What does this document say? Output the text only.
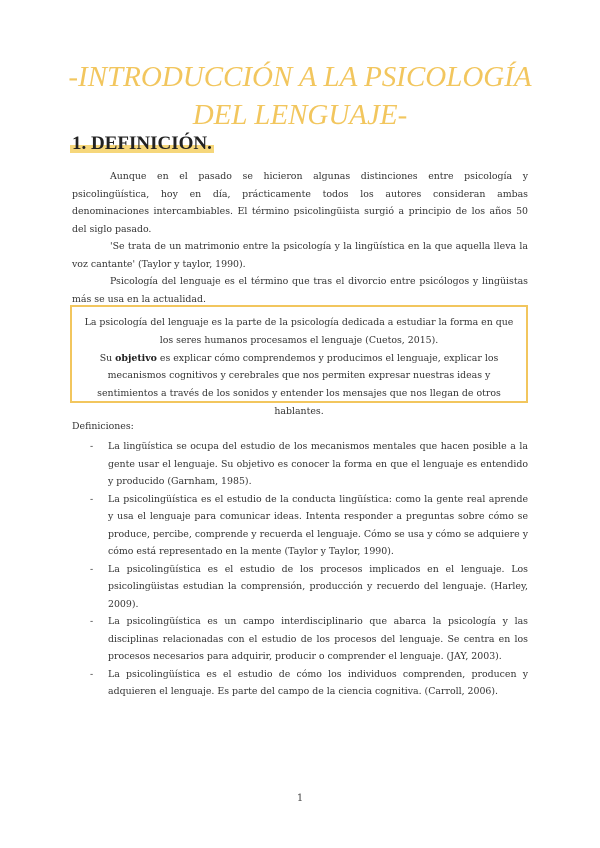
-INTRODUCCIÓN A LA PSICOLOGÍA
DEL LENGUAJE-
1. DEFINICIÓN.

Aunque en el pasado se hicieron algunas distinciones entre psicología y psicolingüística, hoy en día, prácticamente todos los autores consideran ambas denominaciones intercambiables. El término psicolingüista surgió a principio de los años 50 del siglo pasado.

'Se trata de un matrimonio entre la psicología y la lingüística en la que aquella lleva la voz cantante' (Taylor y taylor, 1990).

Psicología del lenguaje es el término que tras el divorcio entre psicólogos y lingüistas más se usa en la actualidad.

La psicología del lenguaje es la parte de la psicología dedicada a estudiar la forma en que los seres humanos procesamos el lenguaje (Cuetos, 2015).

Su objetivo es explicar cómo comprendemos y producimos el lenguaje, explicar los mecanismos cognitivos y cerebrales que nos permiten expresar nuestras ideas y sentimientos a través de los sonidos y entender los mensajes que nos llegan de otros hablantes.

Definiciones:

- La lingüística se ocupa del estudio de los mecanismos mentales que hacen posible a la gente usar el lenguaje. Su objetivo es conocer la forma en que el lenguaje es entendido y producido (Garnham, 1985).
- La psicolingüística es el estudio de la conducta lingüística: como la gente real aprende y usa el lenguaje para comunicar ideas. Intenta responder a preguntas sobre cómo se produce, percibe, comprende y recuerda el lenguaje. Cómo se usa y cómo se adquiere y cómo está representado en la mente (Taylor y Taylor, 1990).
- La psicolingüística es el estudio de los procesos implicados en el lenguaje. Los psicolingüistas estudian la comprensión, producción y recuerdo del lenguaje. (Harley, 2009).
- La psicolingüística es un campo interdisciplinario que abarca la psicología y las disciplinas relacionadas con el estudio de los procesos del lenguaje. Se centra en los procesos necesarios para adquirir, producir o comprender el lenguaje. (JAY, 2003).
- La psicolingüística es el estudio de cómo los individuos comprenden, producen y adquieren el lenguaje. Es parte del campo de la ciencia cognitiva. (Carroll, 2006).
1
